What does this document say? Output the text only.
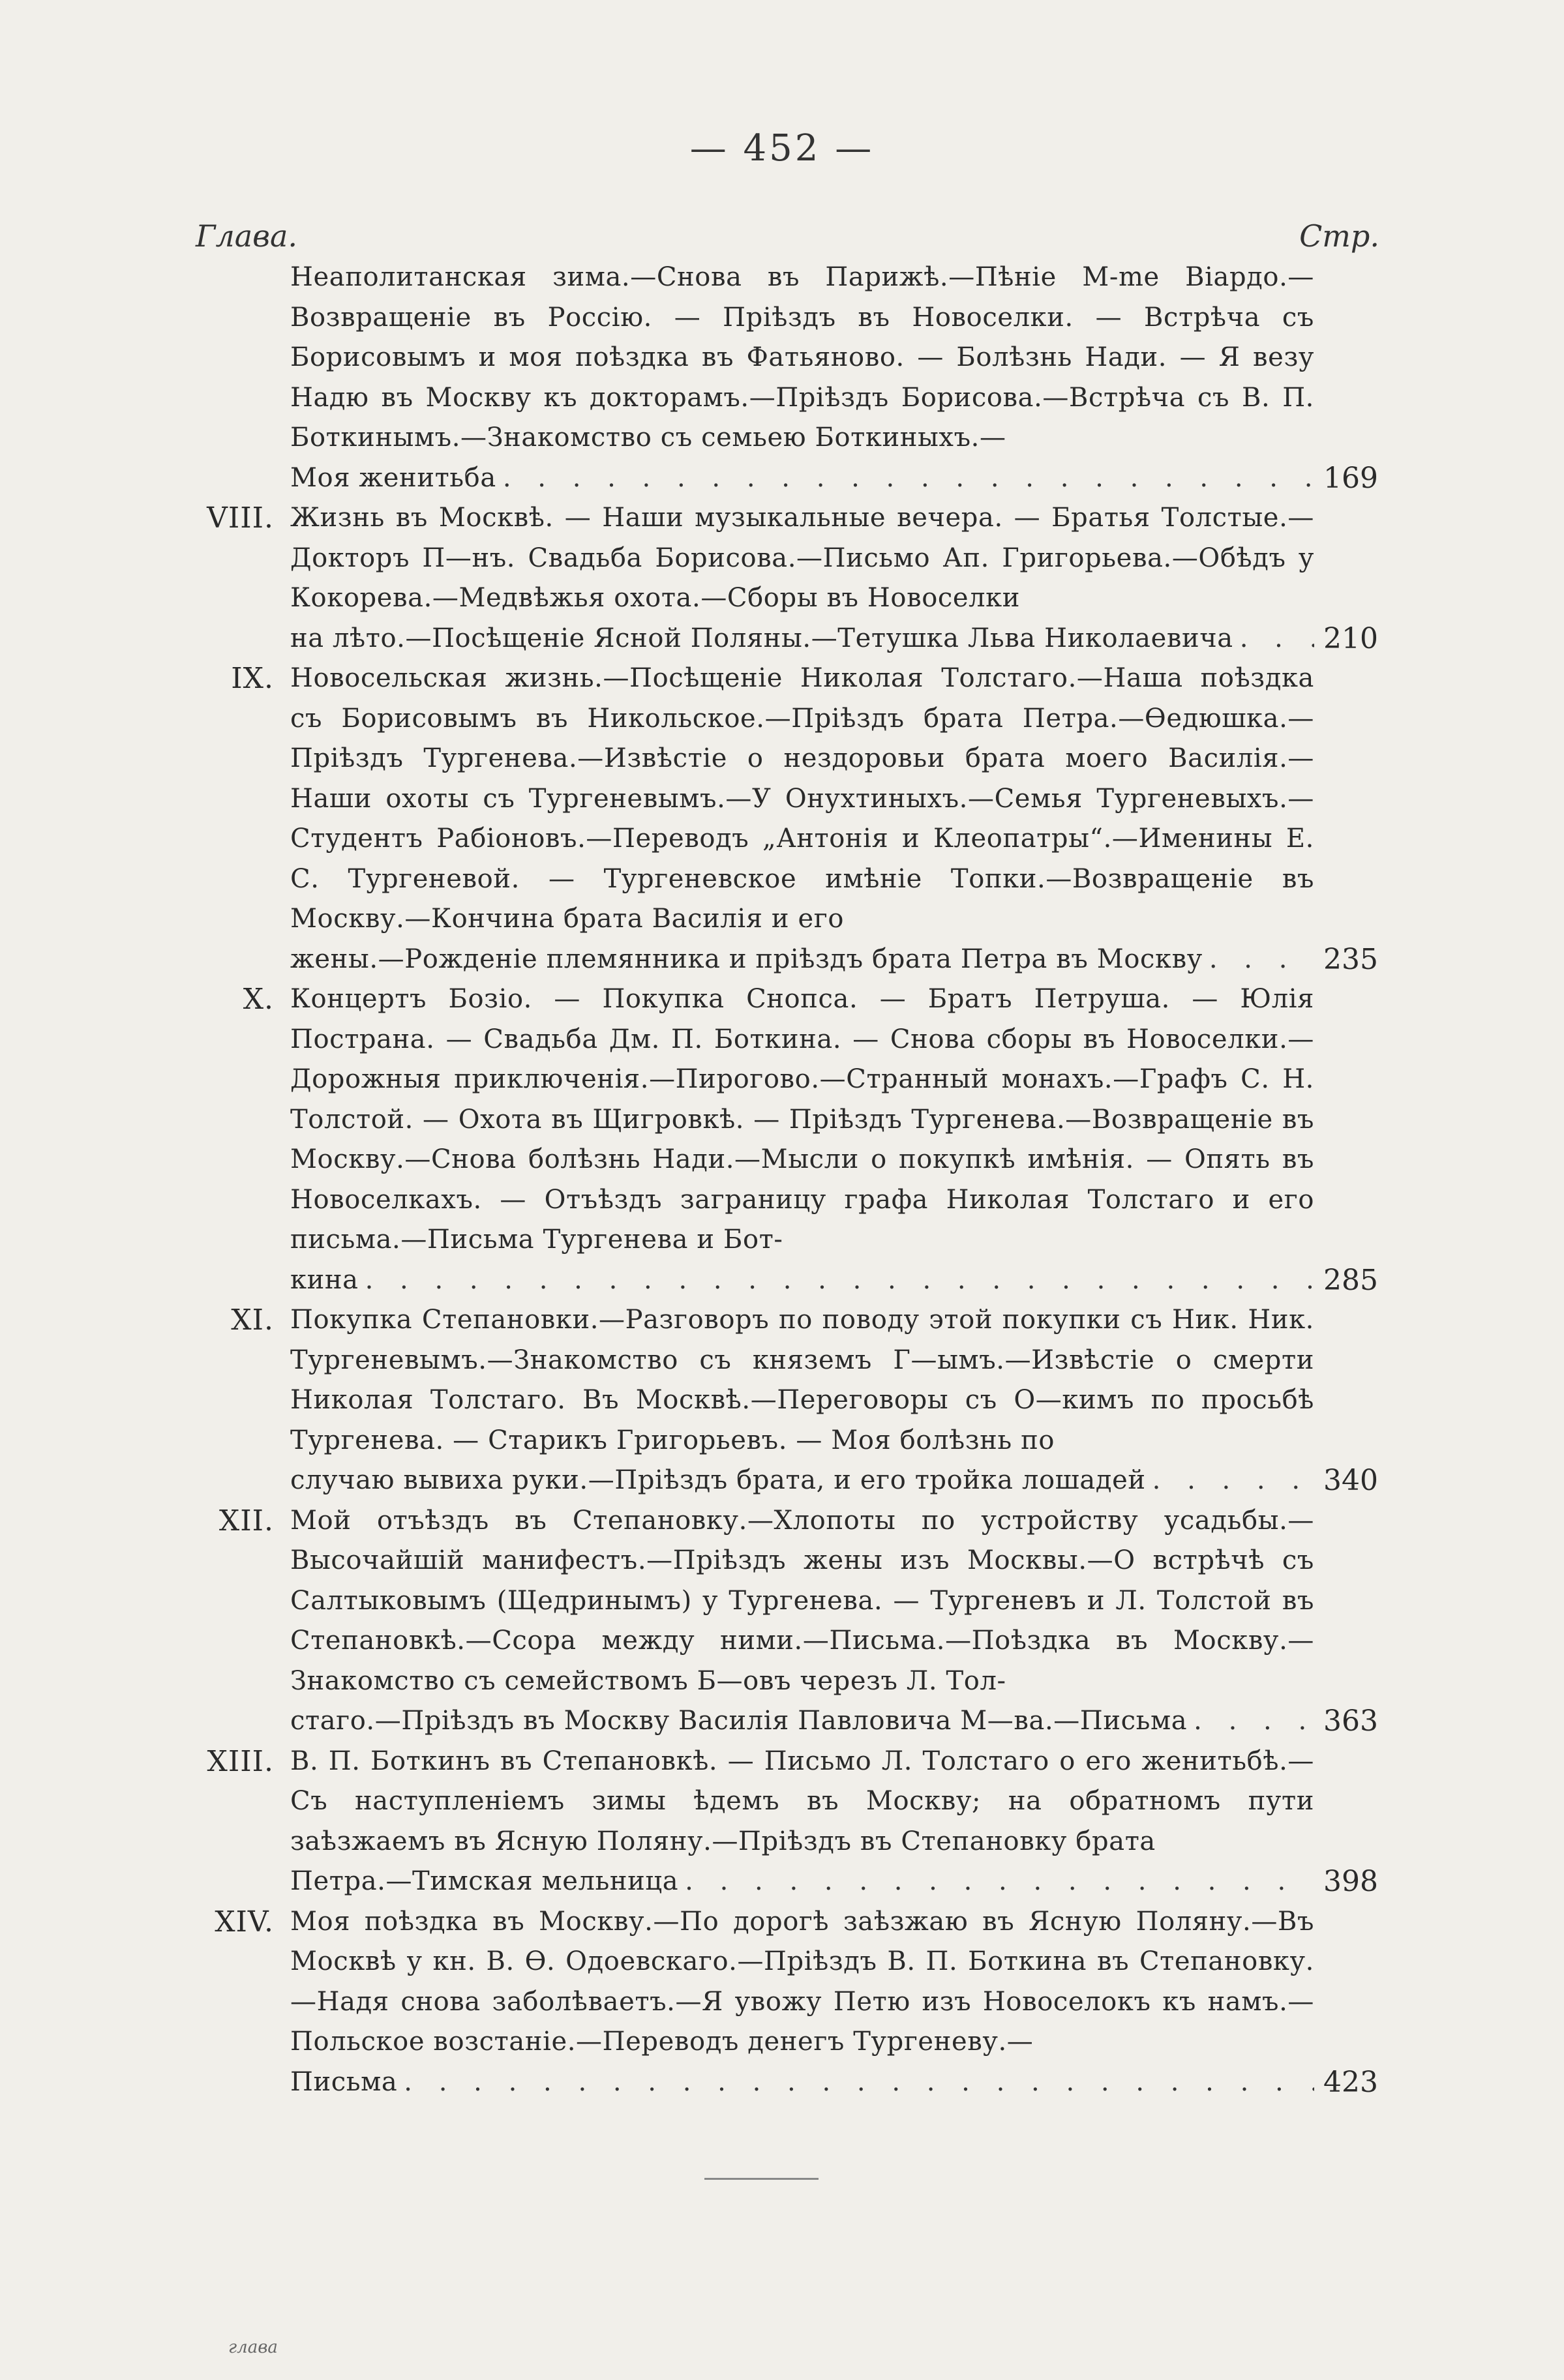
— 452 —
Глава.	Стр.
Неаполитанская зима.—Снова въ Парижѣ.—Пѣніе M-me Віардо.—Возвращеніе въ Россію. — Пріѣздъ въ Новоселки. — Встрѣча съ Борисовымъ и моя поѣздка въ Фатьяново. — Болѣзнь Нади. — Я везу Надю въ Москву къ докторамъ.—Пріѣздъ Борисова.—Встрѣча съ В. П. Боткинымъ.—Знакомство съ семьею Боткиныхъ.—
Моя женитьба . . .	169
VIII. Жизнь въ Москвѣ. — Наши музыкальные вечера. — Братья Толстые.—Докторъ П—нъ. Свадьба Борисова.—Письмо Ап. Григорьева.—Обѣдъ у Кокорева.—Медвѣжья охота.—Сборы въ Новоселки
на лѣто.—Посѣщеніе Ясной Поляны.—Тетушка Льва Николаевича . . .	210
IX. Новосельская жизнь.—Посѣщеніе Николая Толстаго.—Наша поѣздка съ Борисовымъ въ Никольское.—Пріѣздъ брата Петра.—Ѳедюшка.—Пріѣздъ Тургенева.—Извѣстіе о нездоровьи брата моего Василія.—Наши охоты съ Тургеневымъ.—У Онухтиныхъ.—Семья Тургеневыхъ.—Студентъ Рабіоновъ.—Переводъ „Антонія и Клеопатры“.—Именины Е. С. Тургеневой. — Тургеневское имѣніе Топки.—Возвращеніе въ Москву.—Кончина брата Василія и его
жены.—Рожденіе племянника и пріѣздъ брата Петра въ Москву . . .	235
X. Концертъ Бозіо. — Покупка Снопса. — Братъ Петруша. — Юлія Пострана. — Свадьба Дм. П. Боткина. — Снова сборы въ Новоселки.—Дорожныя приключенія.—Пирогово.—Странный монахъ.—Графъ С. Н. Толстой. — Охота въ Щигровкѣ. — Пріѣздъ Тургенева.—Возвращеніе въ Москву.—Снова болѣзнь Нади.—Мысли о покупкѣ имѣнія. — Опять въ Новоселкахъ. — Отъѣздъ заграницу графа Николая Толстаго и его письма.—Письма Тургенева и Бот-
кина . . .	285
XI. Покупка Степановки.—Разговоръ по поводу этой покупки съ Ник. Ник. Тургеневымъ.—Знакомство съ княземъ Г—ымъ.—Извѣстіе о смерти Николая Толстаго. Въ Москвѣ.—Переговоры съ О—кимъ по просьбѣ Тургенева. — Старикъ Григорьевъ. — Моя болѣзнь по
случаю вывиха руки.—Пріѣздъ брата, и его тройка лошадей . . .	340
XII. Мой отъѣздъ въ Степановку.—Хлопоты по устройству усадьбы.—Высочайшій манифестъ.—Пріѣздъ жены изъ Москвы.—О встрѣчѣ съ Салтыковымъ (Щедринымъ) у Тургенева. — Тургеневъ и Л. Толстой въ Степановкѣ.—Ссора между ними.—Письма.—Поѣздка въ Москву.—Знакомство съ семействомъ Б—овъ черезъ Л. Тол-
стаго.—Пріѣздъ въ Москву Василія Павловича М—ва.—Письма . . .	363
XIII. В. П. Боткинъ въ Степановкѣ. — Письмо Л. Толстаго о его женитьбѣ.—Съ наступленіемъ зимы ѣдемъ въ Москву; на обратномъ пути заѣзжаемъ въ Ясную Поляну.—Пріѣздъ въ Степановку брата
Петра.—Тимская мельница . . .	398
XIV. Моя поѣздка въ Москву.—По дорогѣ заѣзжаю въ Ясную Поляну.—Въ Москвѣ у кн. В. Ѳ. Одоевскаго.—Пріѣздъ В. П. Боткина въ Степановку.—Надя снова заболѣваетъ.—Я увожу Петю изъ Новоселокъ къ намъ.—Польское возстаніе.—Переводъ денегъ Тургеневу.—
Письма . . .	423
глава
